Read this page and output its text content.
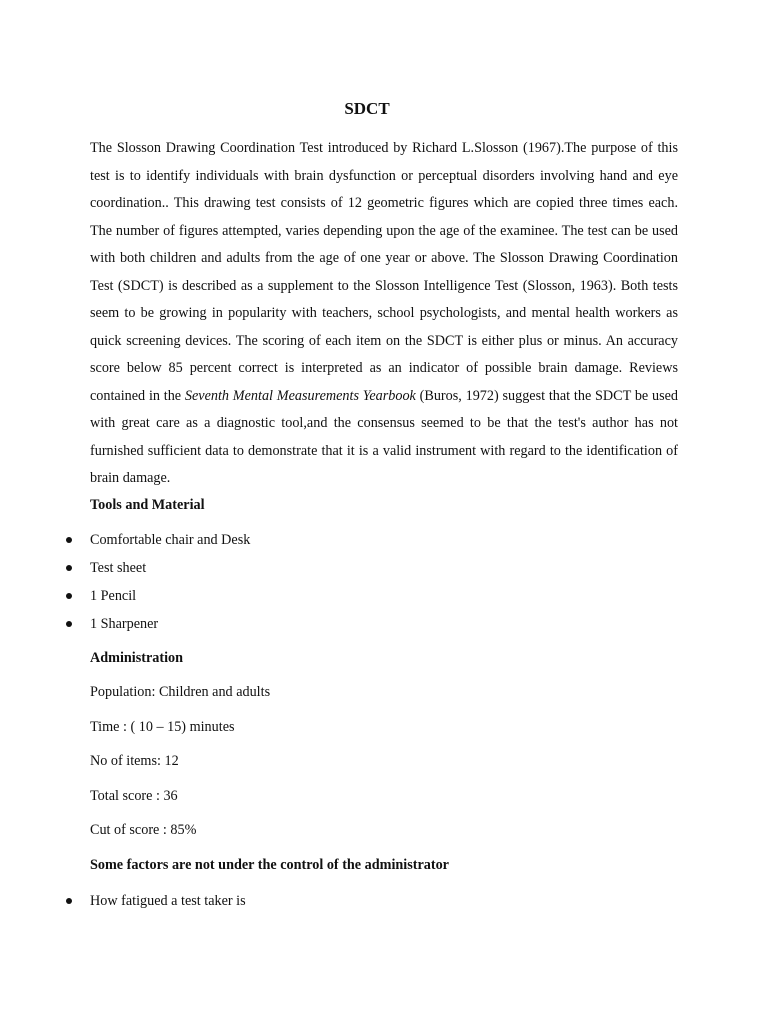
SDCT

The Slosson Drawing Coordination Test introduced by Richard L.Slosson (1967).The purpose of this test is to identify individuals with brain dysfunction or perceptual disorders involving hand and eye coordination.. This drawing test consists of 12 geometric figures which are copied three times each. The number of figures attempted, varies depending upon the age of the examinee. The test can be used with both children and adults from the age of one year or above. The Slosson Drawing Coordination Test (SDCT) is described as a supplement to the Slosson Intelligence Test (Slosson, 1963). Both tests seem to be growing in popularity with teachers, school psychologists, and mental health workers as quick screening devices. The scoring of each item on the SDCT is either plus or minus. An accuracy score below 85 percent correct is interpreted as an indicator of possible brain damage. Reviews contained in the Seventh Mental Measurements Yearbook (Buros, 1972) suggest that the SDCT be used with great care as a diagnostic tool,and the consensus seemed to be that the test's author has not furnished sufficient data to demonstrate that it is a valid instrument with regard to the identification of brain damage.

Tools and Material

Comfortable chair and Desk

Test sheet

1 Pencil

1 Sharpener

Administration

Population: Children and adults

Time : ( 10 – 15) minutes

No of items: 12

Total score : 36

Cut of score : 85%

Some factors are not under the control of the administrator

How fatigued a test taker is
